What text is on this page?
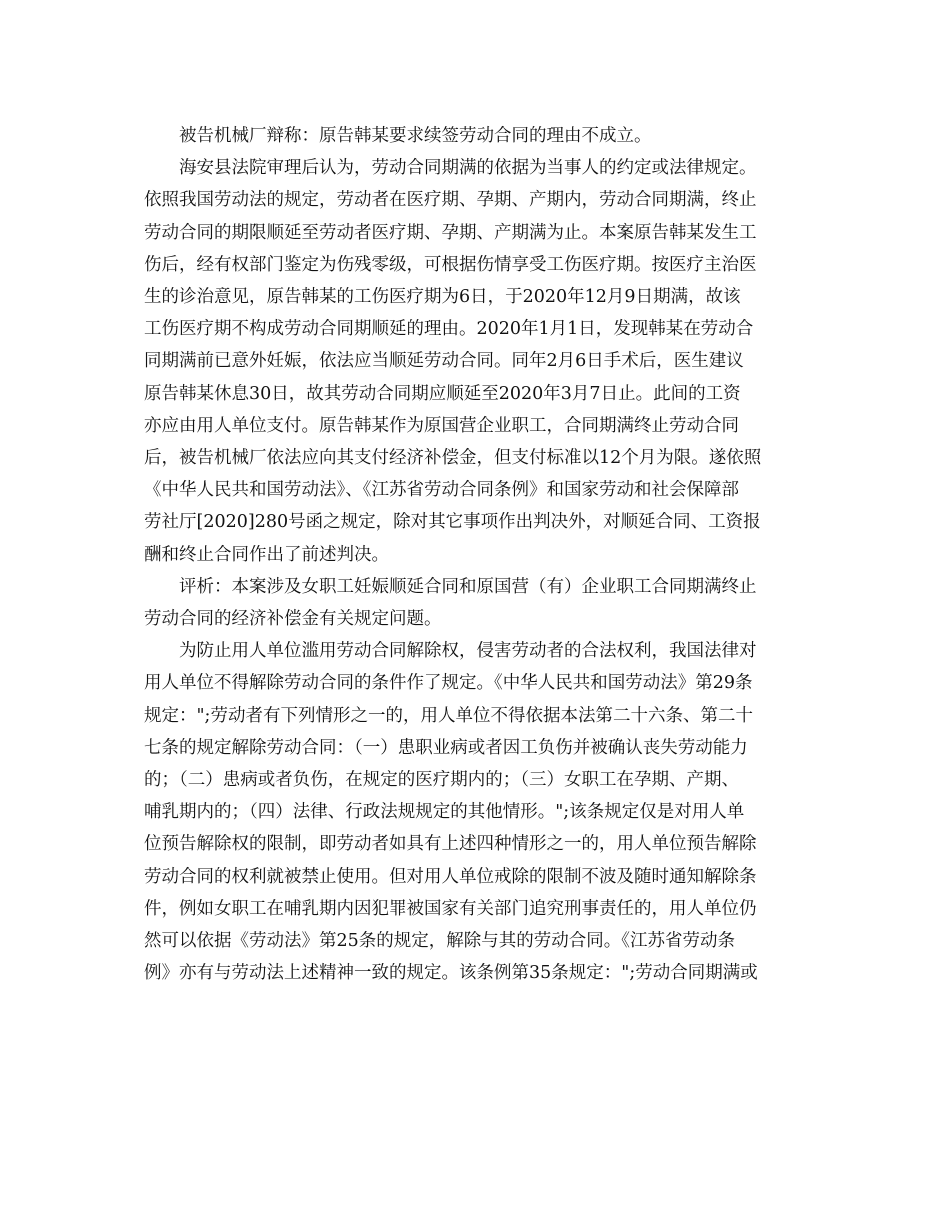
被告机械厂辩称：原告韩某要求续签劳动合同的理由不成立。

海安县法院审理后认为，劳动合同期满的依据为当事人的约定或法律规定。
依照我国劳动法的规定，劳动者在医疗期、孕期、产期内，劳动合同期满，终止
劳动合同的期限顺延至劳动者医疗期、孕期、产期满为止。本案原告韩某发生工
伤后，经有权部门鉴定为伤残零级，可根据伤情享受工伤医疗期。按医疗主治医
生的诊治意见，原告韩某的工伤医疗期为6日，于2020年12月9日期满，故该
工伤医疗期不构成劳动合同期顺延的理由。2020年1月1日，发现韩某在劳动合
同期满前已意外妊娠，依法应当顺延劳动合同。同年2月6日手术后，医生建议
原告韩某休息30日，故其劳动合同期应顺延至2020年3月7日止。此间的工资
亦应由用人单位支付。原告韩某作为原国营企业职工，合同期满终止劳动合同
后，被告机械厂依法应向其支付经济补偿金，但支付标准以12个月为限。遂依照
《中华人民共和国劳动法》、《江苏省劳动合同条例》和国家劳动和社会保障部
劳社厅[2020]280号函之规定，除对其它事项作出判决外，对顺延合同、工资报
酬和终止合同作出了前述判决。

评析：本案涉及女职工妊娠顺延合同和原国营（有）企业职工合同期满终止
劳动合同的经济补偿金有关规定问题。

为防止用人单位滥用劳动合同解除权，侵害劳动者的合法权利，我国法律对
用人单位不得解除劳动合同的条件作了规定。《中华人民共和国劳动法》第29条
规定：";劳动者有下列情形之一的，用人单位不得依据本法第二十六条、第二十
七条的规定解除劳动合同：（一）患职业病或者因工负伤并被确认丧失劳动能力
的；（二）患病或者负伤，在规定的医疗期内的；（三）女职工在孕期、产期、
哺乳期内的；（四）法律、行政法规规定的其他情形。";该条规定仅是对用人单
位预告解除权的限制，即劳动者如具有上述四种情形之一的，用人单位预告解除
劳动合同的权利就被禁止使用。但对用人单位戒除的限制不波及随时通知解除条
件，例如女职工在哺乳期内因犯罪被国家有关部门追究刑事责任的，用人单位仍
然可以依据《劳动法》第25条的规定，解除与其的劳动合同。《江苏省劳动条
例》亦有与劳动法上述精神一致的规定。该条例第35条规定：";劳动合同期满或
